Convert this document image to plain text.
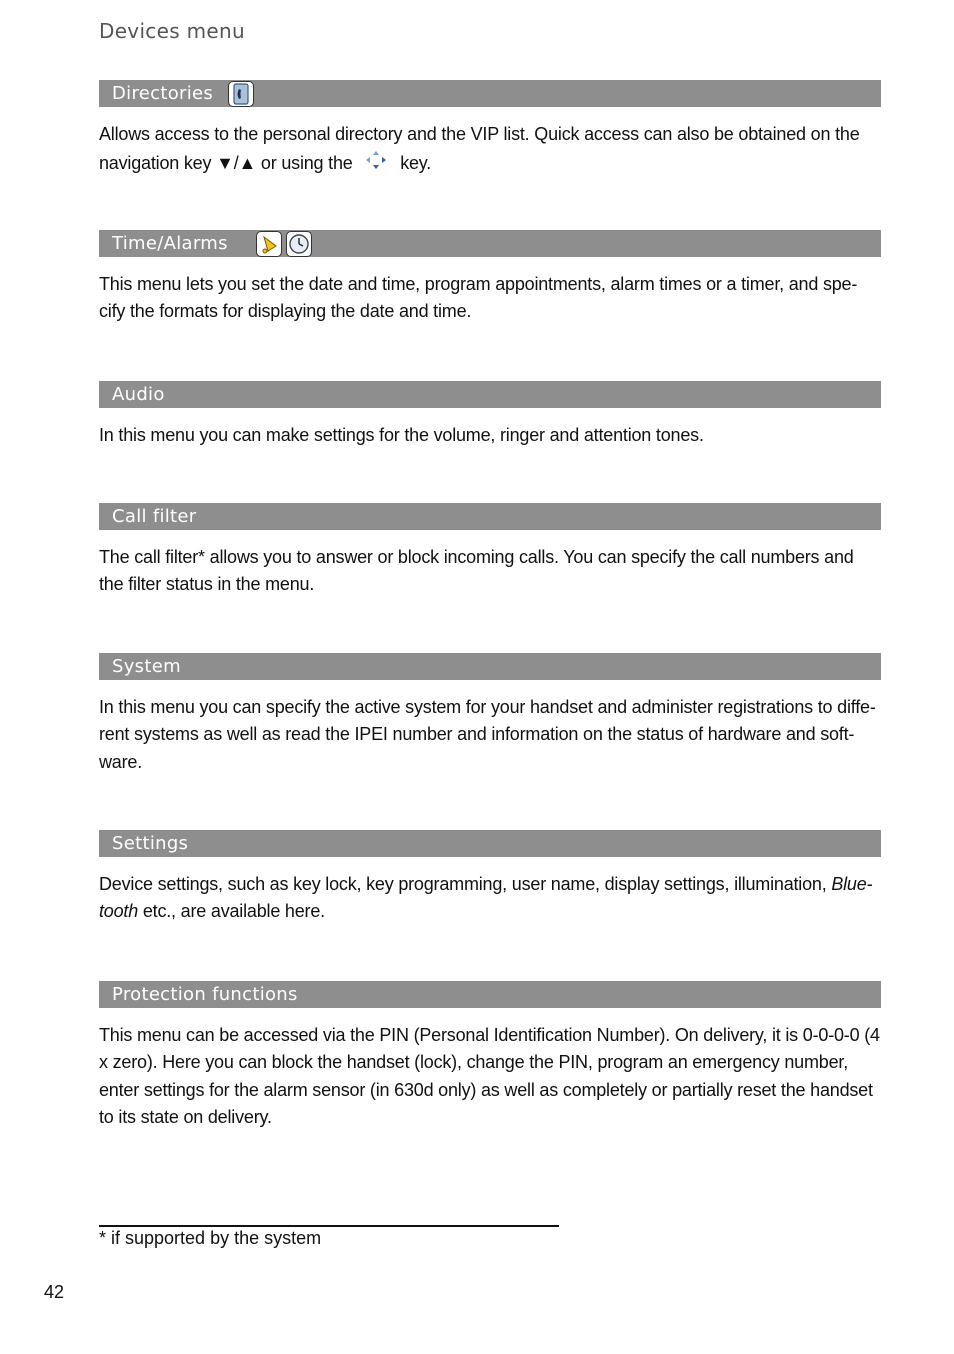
Devices menu
Directories

Allows access to the personal directory and the VIP list. Quick access can also be obtained on the navigation key ▼/▲ or using the  key.

Time/Alarms

This menu lets you set the date and time, program appointments, alarm times or a timer, and spe-cify the formats for displaying the date and time.

Audio

In this menu you can make settings for the volume, ringer and attention tones.

Call filter

The call filter* allows you to answer or block incoming calls. You can specify the call numbers and the filter status in the menu.

System

In this menu you can specify the active system for your handset and administer registrations to diffe-rent systems as well as read the IPEI number and information on the status of hardware and soft-ware.

Settings

Device settings, such as key lock, key programming, user name, display settings, illumination, Blue-tooth etc., are available here.

Protection functions

This menu can be accessed via the PIN (Personal Identification Number). On delivery, it is 0-0-0-0 (4 x zero). Here you can block the handset (lock), change the PIN, program an emergency number, enter settings for the alarm sensor (in 630d only) as well as completely or partially reset the handset to its state on delivery.

* if supported by the system
42
